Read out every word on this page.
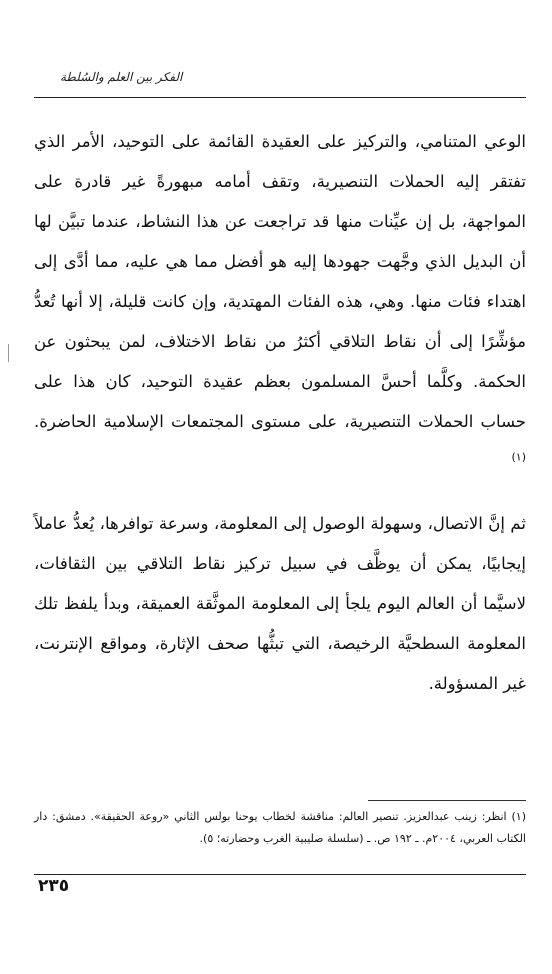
الفكر بين العلم والسُلطة

الوعي المتنامي، والتركيز على العقيدة القائمة على التوحيد، الأمر الذي تفتقر إليه الحملات التنصيرية، وتقف أمامه مبهورةً غير قادرة على المواجهة، بل إن عيِّنات منها قد تراجعت عن هذا النشاط، عندما تبيَّن لها أن البديل الذي وجَّهت جهودها إليه هو أفضل مما هي عليه، مما أدَّى إلى اهتداء فئات منها. وهي، هذه الفئات المهتدية، وإن كانت قليلة، إلا أنها تُعدُّ مؤشِّرًا إلى أن نقاط التلاقي أكثرُ من نقاط الاختلاف، لمن يبحثون عن الحكمة. وكلَّما أحسَّ المسلمون بعظم عقيدة التوحيد، كان هذا على حساب الحملات التنصيرية، على مستوى المجتمعات الإسلامية الحاضرة.$^{(١)}$

ثم إنَّ الاتصال، وسهولة الوصول إلى المعلومة، وسرعة توافرها، يُعدُّ عاملاً إيجابيًا، يمكن أن يوظَّف في سبيل تركيز نقاط التلاقي بين الثقافات، لاسيَّما أن العالم اليوم يلجأ إلى المعلومة الموثَّقة العميقة، وبدأ يلفظ تلك المعلومة السطحيَّة الرخيصة، التي تبثُّها صحف الإثارة، ومواقع الإنترنت، غير المسؤولة.

(١) انظر: زينب عبدالعزيز. تنصير العالم: مناقشة لخطاب يوحنا بولس الثاني «روعة الحقيقة». دمشق: دار الكتاب العربي، ٢٠٠٤م. ـ ١٩٢ ص. ـ (سلسلة صليبية الغرب وحضارته؛ ٥).

٢٣٥
